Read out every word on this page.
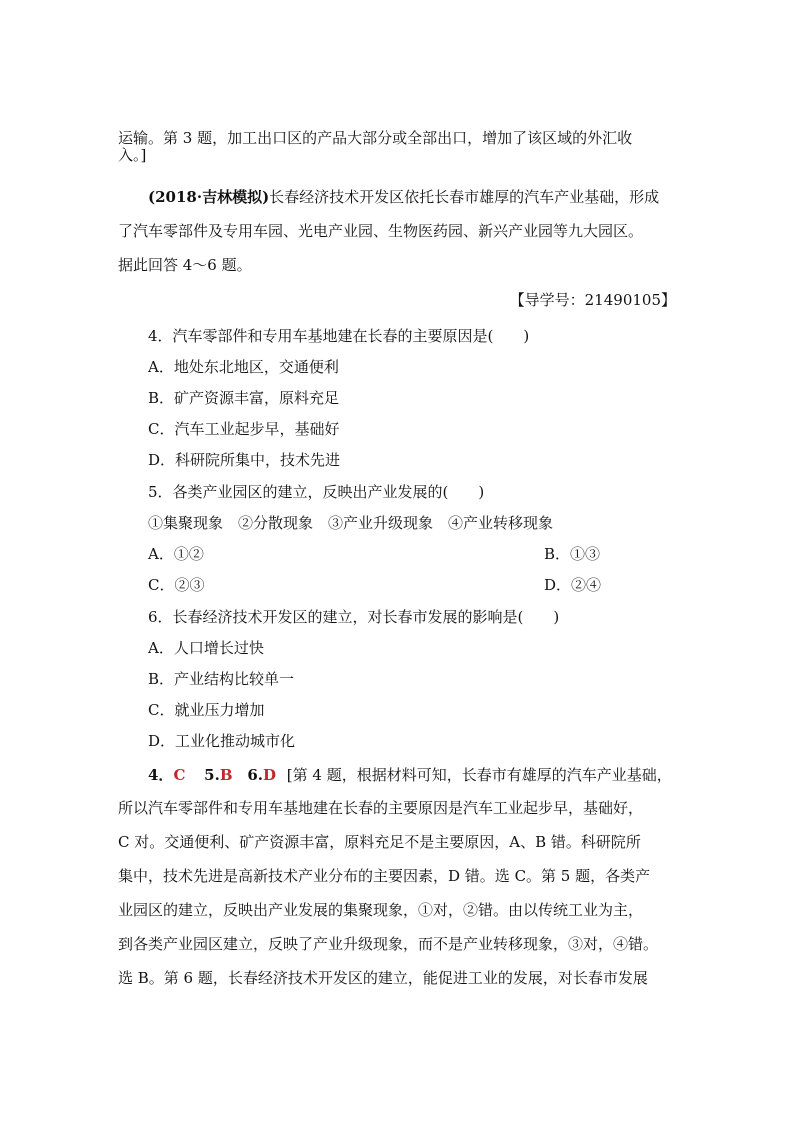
运输。第 3 题，加工出口区的产品大部分或全部出口，增加了该区域的外汇收
入。]
(2018·吉林模拟)长春经济技术开发区依托长春市雄厚的汽车产业基础，形成
了汽车零部件及专用车园、光电产业园、生物医药园、新兴产业园等九大园区。
据此回答 4～6 题。
【导学号：21490105】
4．汽车零部件和专用车基地建在长春的主要原因是(　　)
A．地处东北地区，交通便利
B．矿产资源丰富，原料充足
C．汽车工业起步早，基础好
D．科研院所集中，技术先进
5．各类产业园区的建立，反映出产业发展的(　　)
①集聚现象　②分散现象　③产业升级现象　④产业转移现象
A．①②	B．①③
C．②③	D．②④
6．长春经济技术开发区的建立，对长春市发展的影响是(　　)
A．人口增长过快
B．产业结构比较单一
C．就业压力增加
D．工业化推动城市化
4．C 5.B 6.D [第 4 题，根据材料可知，长春市有雄厚的汽车产业基础，
所以汽车零部件和专用车基地建在长春的主要原因是汽车工业起步早，基础好，
C 对。交通便利、矿产资源丰富，原料充足不是主要原因，A、B 错。科研院所
集中，技术先进是高新技术产业分布的主要因素，D 错。选 C。第 5 题，各类产
业园区的建立，反映出产业发展的集聚现象，①对，②错。由以传统工业为主，
到各类产业园区建立，反映了产业升级现象，而不是产业转移现象，③对，④错。
选 B。第 6 题，长春经济技术开发区的建立，能促进工业的发展，对长春市发展
